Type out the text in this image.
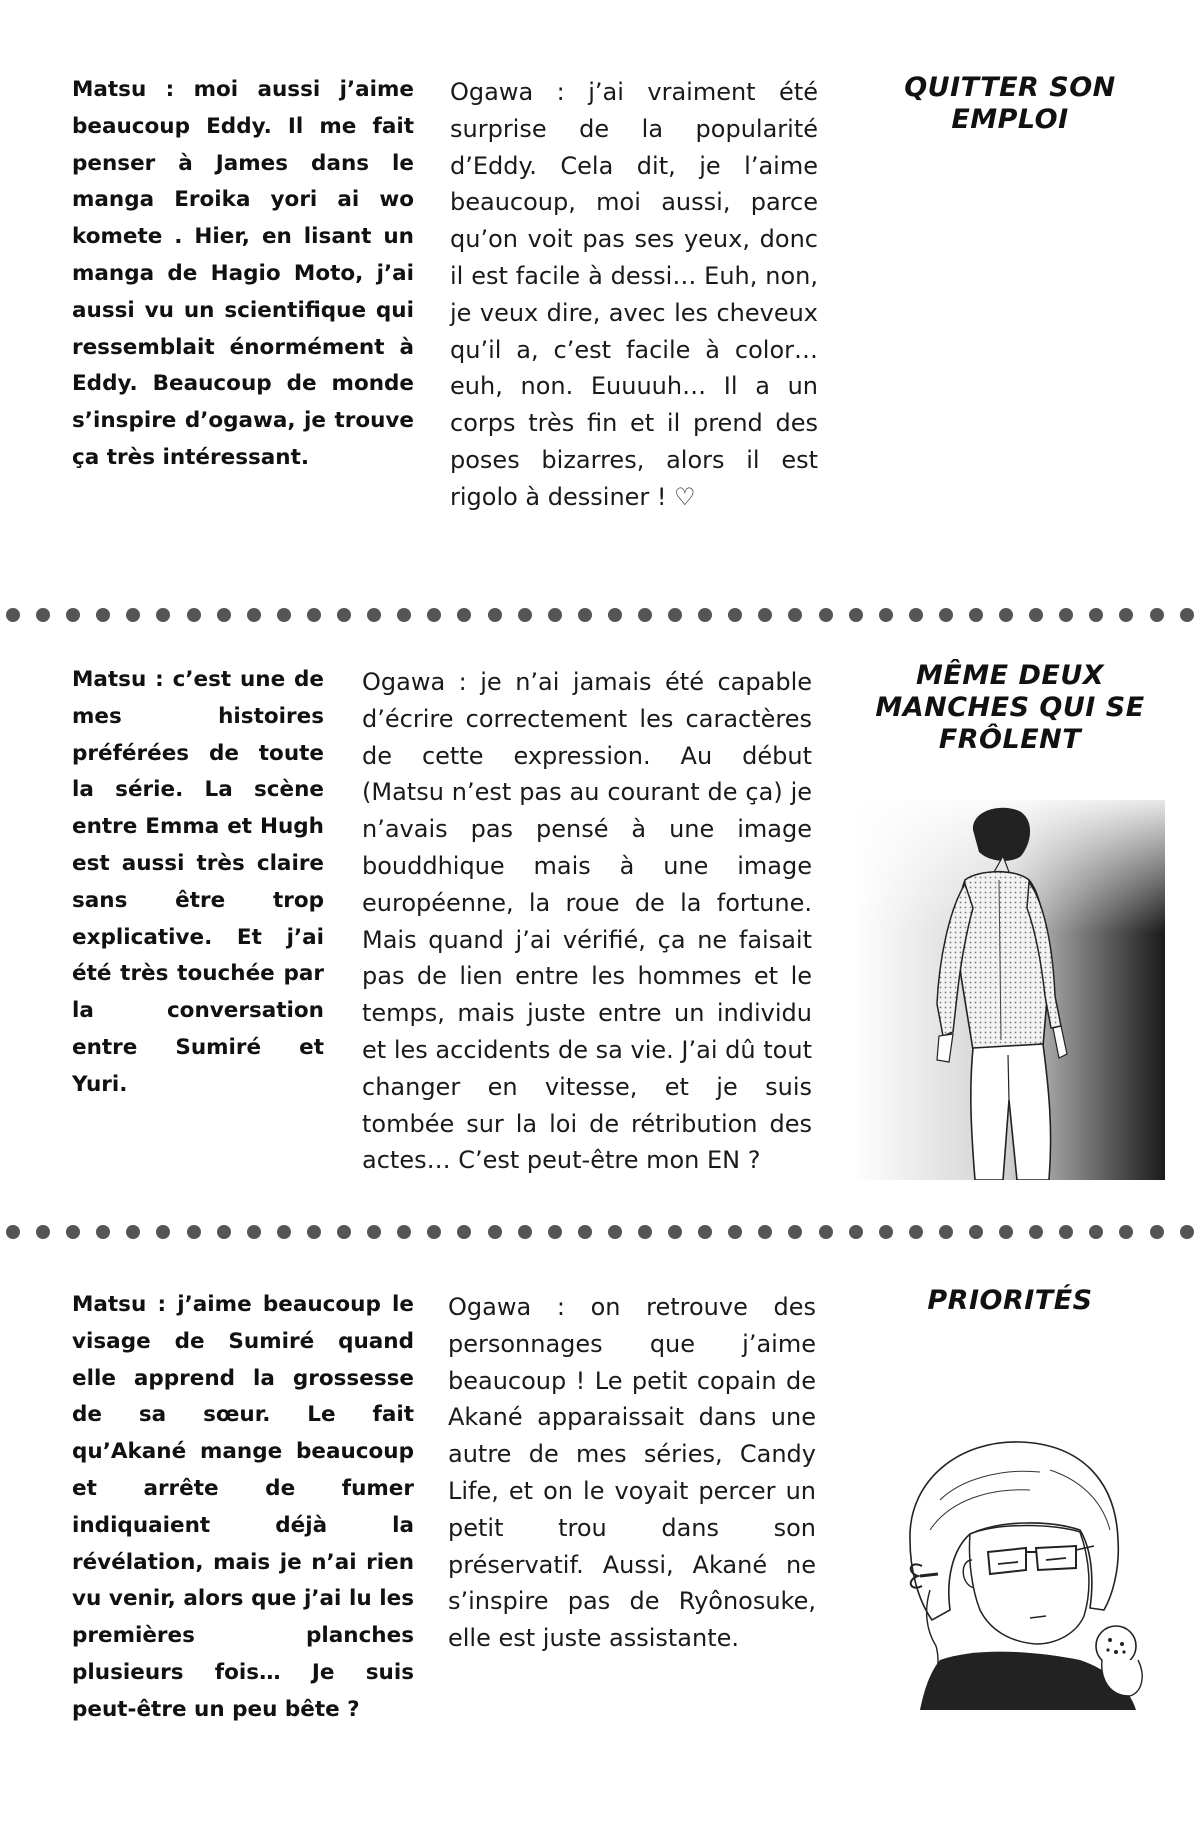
Matsu : moi aussi j’aime beaucoup Eddy. Il me fait penser à James dans le manga Eroika yori ai wo komete . Hier, en lisant un manga de Hagio Moto, j’ai aussi vu un scientifique qui ressemblait énormément à Eddy. Beaucoup de monde s’inspire d’ogawa, je trouve ça très intéressant.
Ogawa : j’ai vraiment été surprise de la popularité d’Eddy. Cela dit, je l’aime beaucoup, moi aussi, parce qu’on voit pas ses yeux, donc il est facile à dessi… Euh, non, je veux dire, avec les cheveux qu’il a, c’est facile à color… euh, non. Euuuuh… Il a un corps très fin et il prend des poses bizarres, alors il est rigolo à dessiner ! ♡
QUITTER SON EMPLOI
Matsu : c’est une de mes histoires préférées de toute la série. La scène entre Emma et Hugh est aussi très claire sans être trop explicative. Et j’ai été très touchée par la conversation entre Sumiré et Yuri.
Ogawa : je n’ai jamais été capable d’écrire correctement les caractères de cette expression. Au début (Matsu n’est pas au courant de ça) je n’avais pas pensé à une image bouddhique mais à une image européenne, la roue de la fortune. Mais quand j’ai vérifié, ça ne faisait pas de lien entre les hommes et le temps, mais juste entre un individu et les accidents de sa vie. J’ai dû tout changer en vitesse, et je suis tombée sur la loi de rétribution des actes… C’est peut-être mon EN ?
MÊME DEUX MANCHES QUI SE FRÔLENT
Matsu : j’aime beaucoup le visage de Sumiré quand elle apprend la grossesse de sa sœur. Le fait qu’Akané mange beaucoup et arrête de fumer indiquaient déjà la révélation, mais je n’ai rien vu venir, alors que j’ai lu les premières planches plusieurs fois… Je suis peut-être un peu bête ?
Ogawa : on retrouve des personnages que j’aime beaucoup ! Le petit copain de Akané apparaissait dans une autre de mes séries, Candy Life, et on le voyait percer un petit trou dans son préservatif. Aussi, Akané ne s’inspire pas de Ryônosuke, elle est juste assistante.
PRIORITÉS
